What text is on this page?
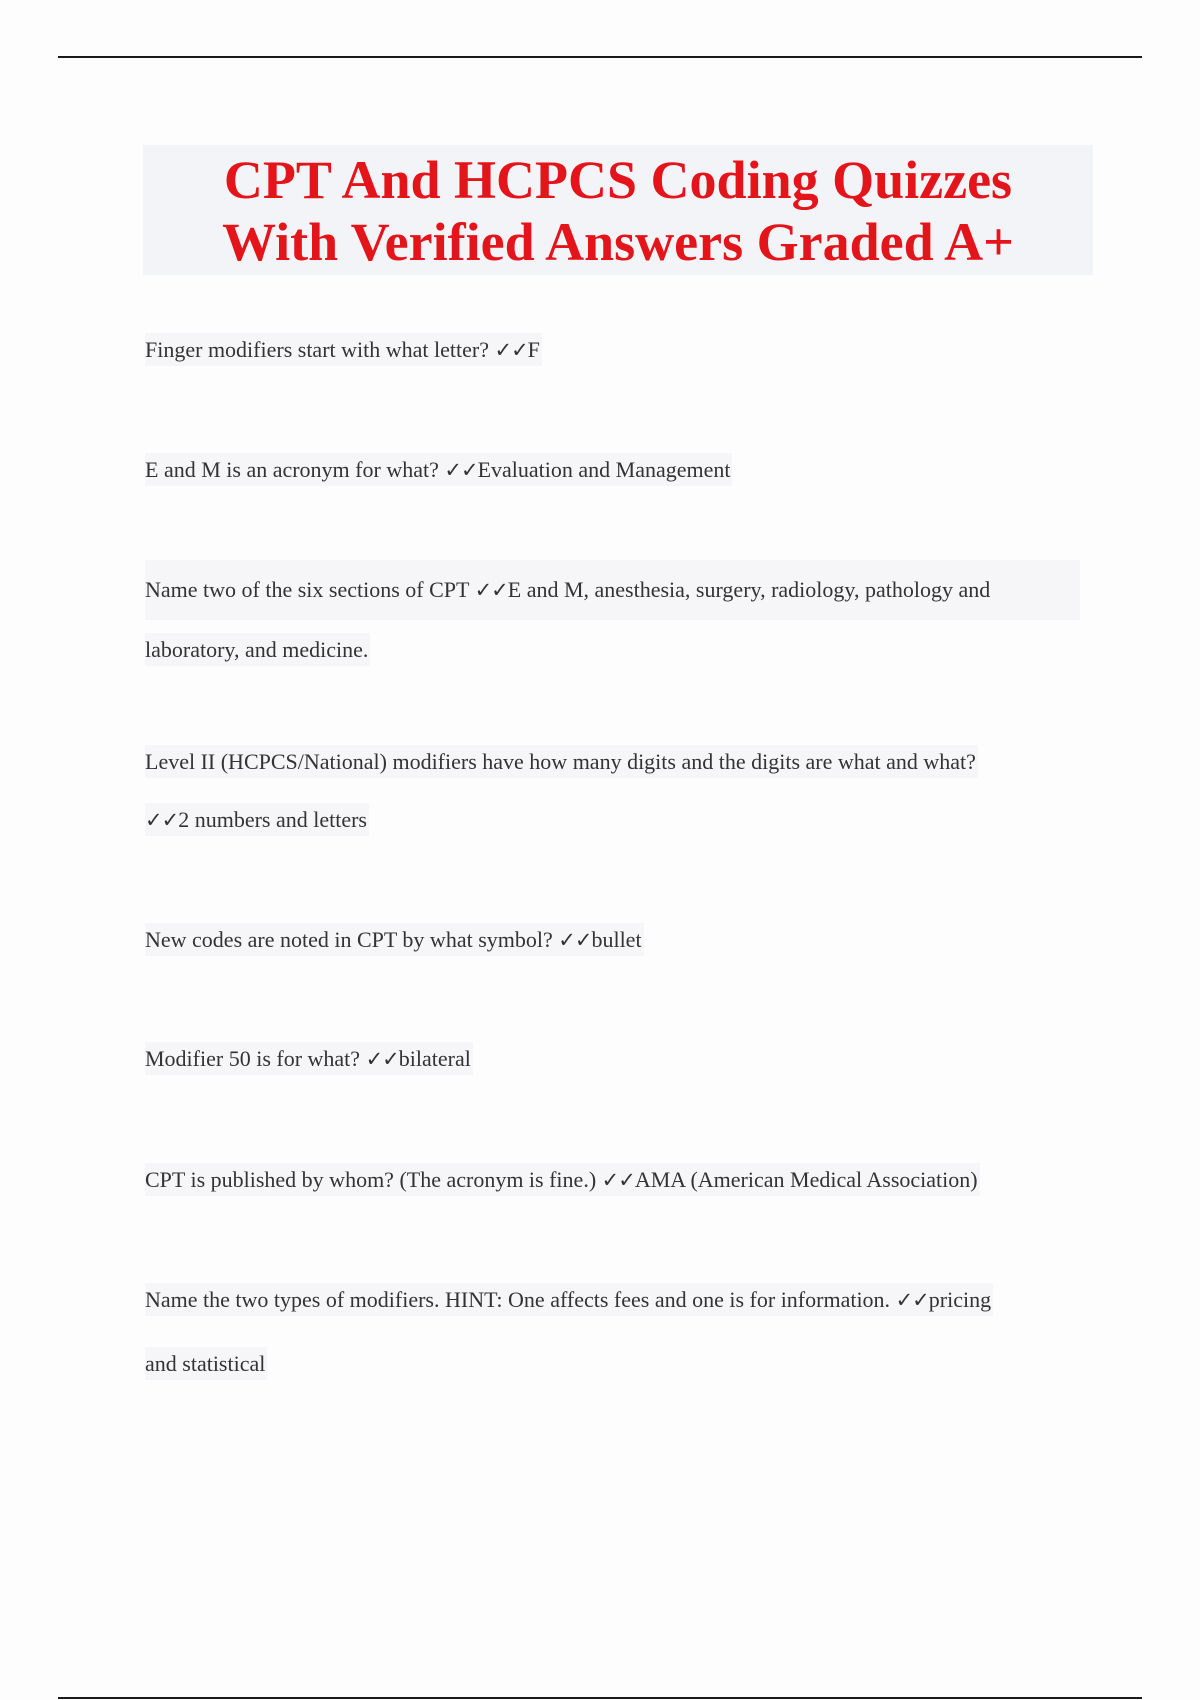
CPT And HCPCS Coding Quizzes
With Verified Answers Graded A+
Finger modifiers start with what letter? ✓✓F
E and M is an acronym for what? ✓✓Evaluation and Management
Name two of the six sections of CPT ✓✓E and M, anesthesia, surgery, radiology, pathology and
laboratory, and medicine.
Level II (HCPCS/National) modifiers have how many digits and the digits are what and what?
✓✓2 numbers and letters
New codes are noted in CPT by what symbol? ✓✓bullet
Modifier 50 is for what? ✓✓bilateral
CPT is published by whom? (The acronym is fine.) ✓✓AMA (American Medical Association)
Name the two types of modifiers. HINT: One affects fees and one is for information. ✓✓pricing
and statistical
